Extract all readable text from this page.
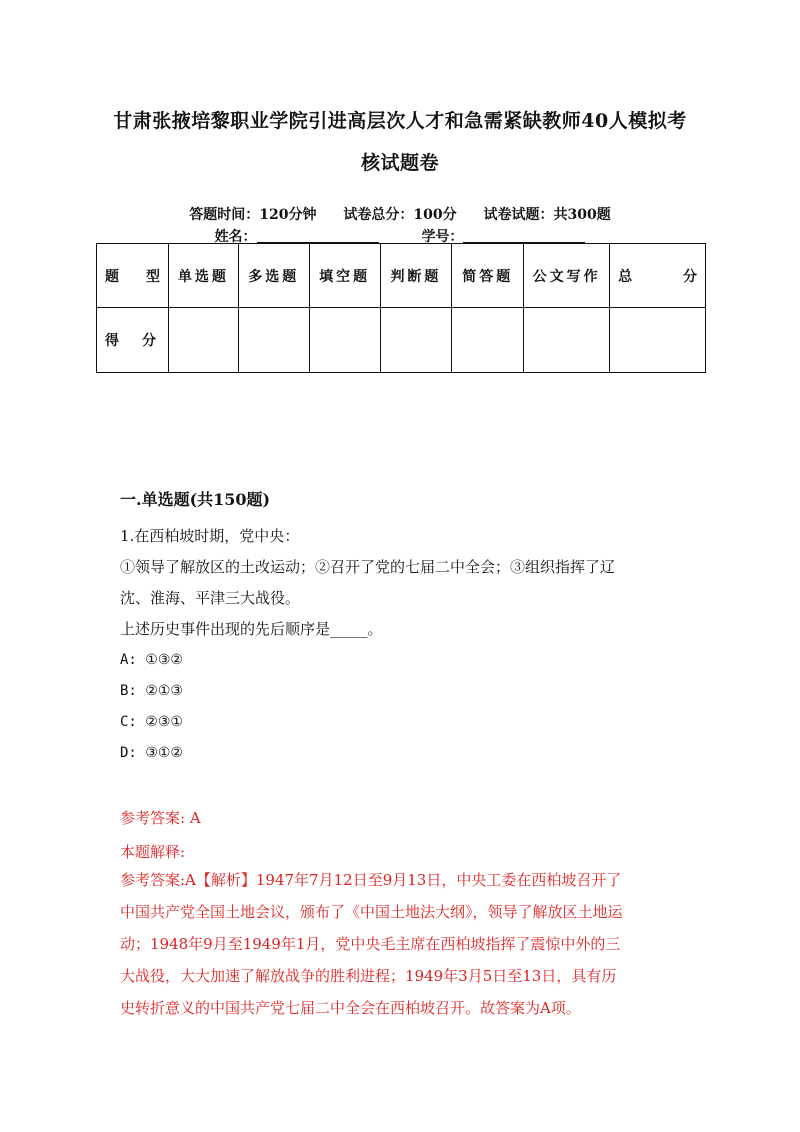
甘肃张掖培黎职业学院引进高层次人才和急需紧缺教师40人模拟考
核试题卷
答题时间：120分钟 试卷总分：100分 试卷试题：共300题
姓名：	学号：
题 型	单选题	多选题	填空题	判断题	简答题	公文写作	总 分

得 分							

一.单选题(共150题)
1.在西柏坡时期，党中央：
①领导了解放区的土改运动；②召开了党的七届二中全会；③组织指挥了辽
沈、淮海、平津三大战役。
上述历史事件出现的先后顺序是_____。
A: ①③②
B: ②①③
C: ②③①
D: ③①②
参考答案: A
本题解释:
参考答案:A【解析】1947年7月12日至9月13日，中央工委在西柏坡召开了
中国共产党全国土地会议，颁布了《中国土地法大纲》，领导了解放区土地运
动；1948年9月至1949年1月，党中央毛主席在西柏坡指挥了震惊中外的三
大战役，大大加速了解放战争的胜利进程；1949年3月5日至13日，具有历
史转折意义的中国共产党七届二中全会在西柏坡召开。故答案为A项。
